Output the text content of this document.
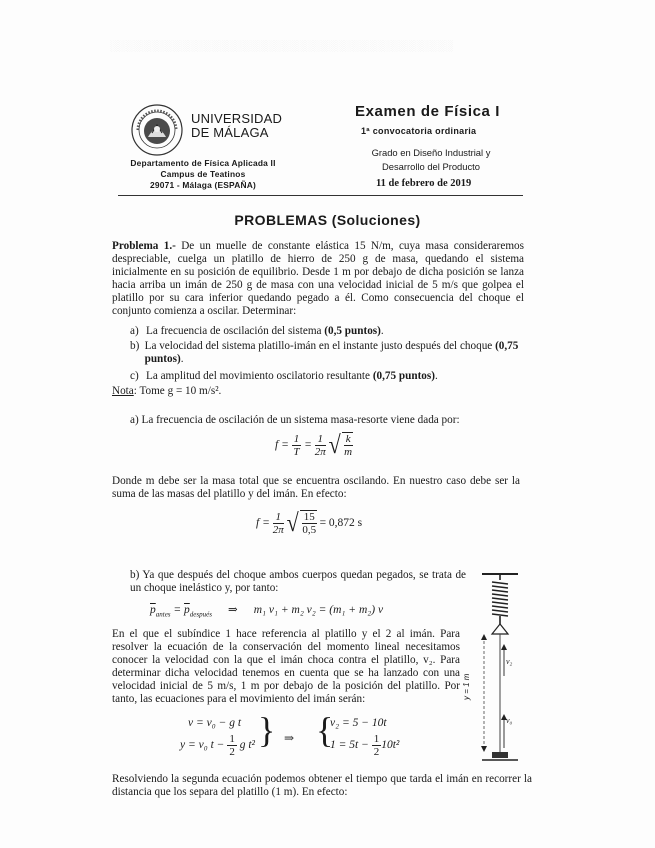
░░░░░░░░░░░░░░░░░░░░░░░░░░░░░░░░░░░░░░░░░░░░
UNIVERSIDAD
DE MÁLAGA
Departamento de Física Aplicada II
Campus de Teatinos
29071 - Málaga (ESPAÑA)
Examen de Física I
1ª convocatoria ordinaria
Grado en Diseño Industrial y
Desarrollo del Producto
11 de febrero de 2019
PROBLEMAS (Soluciones)
Problema 1.- De un muelle de constante elástica 15 N/m, cuya masa consideraremos despreciable, cuelga un platillo de hierro de 250 g de masa, quedando el sistema inicialmente en su posición de equilibrio. Desde 1 m por debajo de dicha posición se lanza hacia arriba un imán de 250 g de masa con una velocidad inicial de 5 m/s que golpea el platillo por su cara inferior quedando pegado a él. Como consecuencia del choque el conjunto comienza a oscilar. Determinar:
a) La frecuencia de oscilación del sistema (0,5 puntos).
b) La velocidad del sistema platillo-imán en el instante justo después del choque (0,75 puntos).
c) La amplitud del movimiento oscilatorio resultante (0,75 puntos).
Nota: Tome g = 10 m/s².
a) La frecuencia de oscilación de un sistema masa-resorte viene dada por:
$f = \frac{1}{T} = \frac{1}{2\pi}$ √ $\frac{k}{m}$
Donde m debe ser la masa total que se encuentra oscilando. En nuestro caso debe ser la suma de las masas del platillo y del imán. En efecto:
$f = \frac{1}{2\pi}$ √ $\frac{15}{0,5} = 0,872$ s
b) Ya que después del choque ambos cuerpos quedan pegados, se trata de un choque inelástico y, por tanto:
$\overline{p}_{antes} = \overline{p}_{después}$ ⇒ m₁ v₁ + m₂ v₂ = (m₁ + m₂) v
En el que el subíndice 1 hace referencia al platillo y el 2 al imán. Para resolver la ecuación de la conservación del momento lineal necesitamos conocer la velocidad con la que el imán choca contra el platillo, v₂. Para determinar dicha velocidad tenemos en cuenta que se ha lanzado con una velocidad inicial de 5 m/s, 1 m por debajo de la posición del platillo. Por tanto, las ecuaciones para el movimiento del imán serán:
v = v₀ − g t
y = v₀ $t - \frac{1}{2}$ g t² } ⇒ {
v₂ = 5 − 10t
$1 = 5t - \frac{1}{2} 10t^2$
Resolviendo la segunda ecuación podemos obtener el tiempo que tarda el imán en recorrer la distancia que los separa del platillo (1 m). En efecto:
v₂
v₀
y = 1 m
